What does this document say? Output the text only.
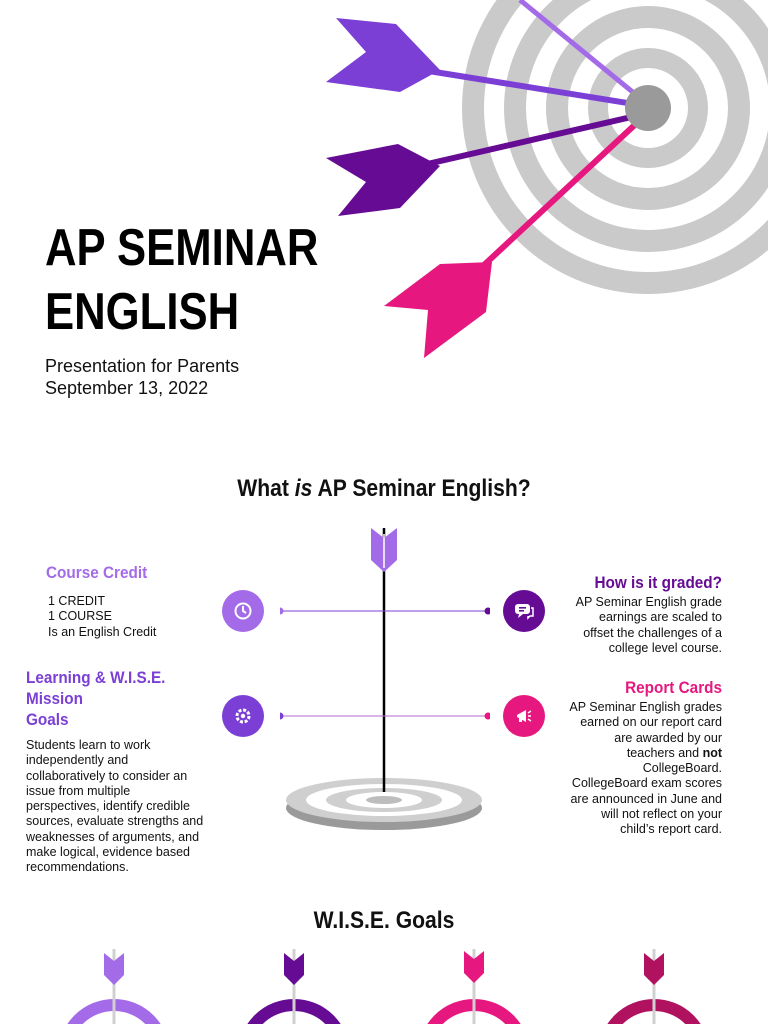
AP SEMINAR
ENGLISH
Presentation for Parents
September 13, 2022
What is AP Seminar English?
Course Credit
1 CREDIT
1 COURSE
Is an English Credit
Learning & W.I.S.E. Mission
Goals
Students learn to work
independently and
collaboratively to consider an
issue from multiple
perspectives, identify credible
sources, evaluate strengths and
weaknesses of arguments, and
make logical, evidence based
recommendations.
How is it graded?
AP Seminar English grade
earnings are scaled to
offset the challenges of a
college level course.
Report Cards
AP Seminar English grades
earned on our report card
are awarded by our
teachers and not
CollegeBoard.
CollegeBoard exam scores
are announced in June and
will not reflect on your
child’s report card.
W.I.S.E. Goals
